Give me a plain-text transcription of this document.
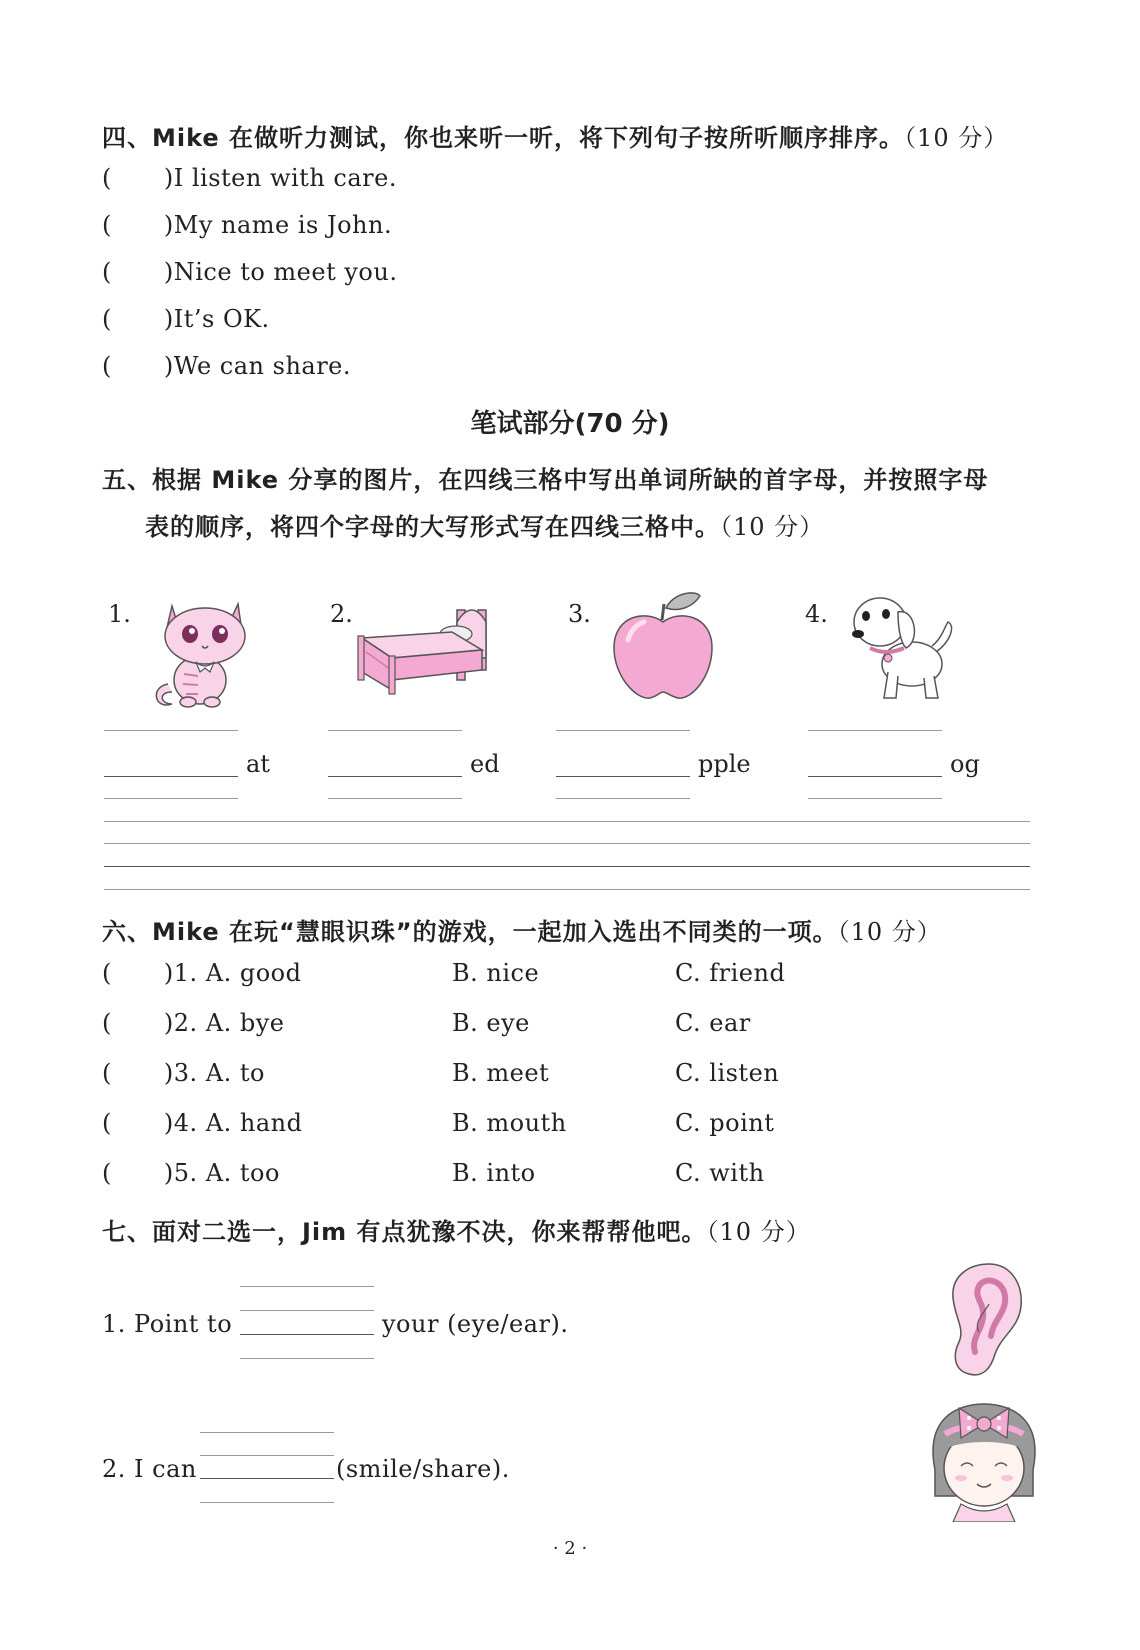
四、Mike 在做听力测试，你也来听一听，将下列句子按所听顺序排序。（10 分）
( )I listen with care.
( )My name is John.
( )Nice to meet you.
( )It’s OK.
( )We can share.
笔试部分(70 分)
五、根据 Mike 分享的图片，在四线三格中写出单词所缺的首字母，并按照字母
表的顺序，将四个字母的大写形式写在四线三格中。（10 分）
1.	2.	3.	4.
at	ed	pple	og
六、Mike 在玩“慧眼识珠”的游戏，一起加入选出不同类的一项。（10 分）
( )1. A. good	B. nice	C. friend
( )2. A. bye	B. eye	C. ear
( )3. A. to	B. meet	C. listen
( )4. A. hand	B. mouth	C. point
( )5. A. too	B. into	C. with
七、面对二选一，Jim 有点犹豫不决，你来帮帮他吧。（10 分）
1. Point to	your (eye/ear).
2. I can	(smile/share).
· 2 ·
